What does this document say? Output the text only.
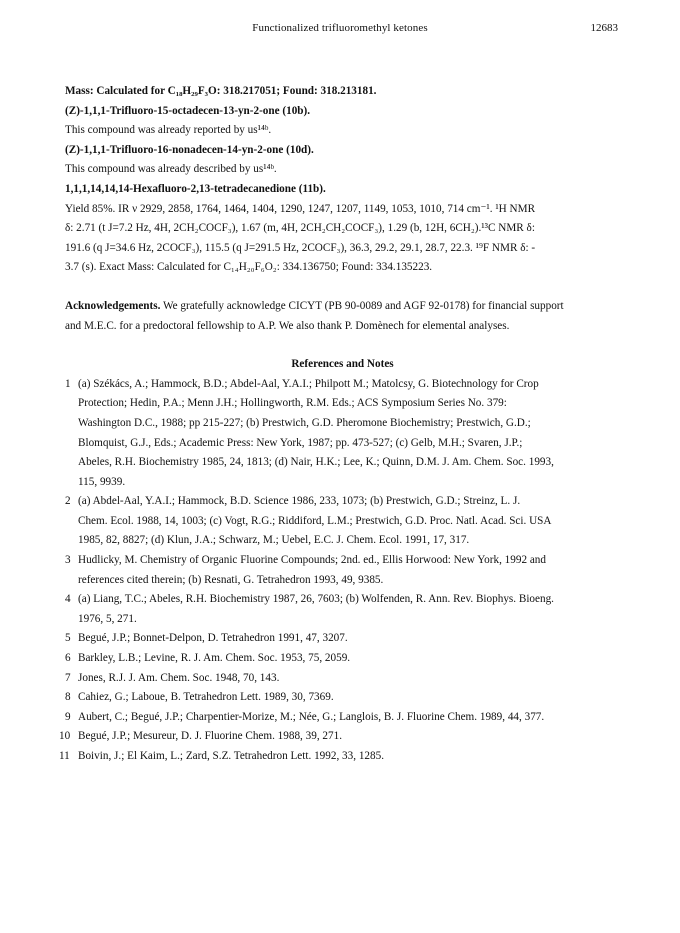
Functionalized trifluoromethyl ketones	12683
Mass: Calculated for C₁₈H₂₉F₃O: 318.217051; Found: 318.213181.
(Z)-1,1,1-Trifluoro-15-octadecen-13-yn-2-one (10b).
This compound was already reported by us¹⁴ᵇ.
(Z)-1,1,1-Trifluoro-16-nonadecen-14-yn-2-one (10d).
This compound was already described by us¹⁴ᵇ.
1,1,1,14,14,14-Hexafluoro-2,13-tetradecanedione (11b).
Yield 85%. IR ν 2929, 2858, 1764, 1464, 1404, 1290, 1247, 1207, 1149, 1053, 1010, 714 cm⁻¹. ¹H NMR
δ: 2.71 (t J=7.2 Hz, 4H, 2CH₂COCF₃), 1.67 (m, 4H, 2CH₂CH₂COCF₃), 1.29 (b, 12H, 6CH₂).¹³C NMR δ:
191.6 (q J=34.6 Hz, 2COCF₃), 115.5 (q J=291.5 Hz, 2COCF₃), 36.3, 29.2, 29.1, 28.7, 22.3. ¹⁹F NMR δ: -
3.7 (s). Exact Mass: Calculated for C₁₄H₂₀F₆O₂: 334.136750; Found: 334.135223.
Acknowledgements. We gratefully acknowledge CICYT (PB 90-0089 and AGF 92-0178) for financial support
and M.E.C. for a predoctoral fellowship to A.P. We also thank P. Domènech for elemental analyses.
References and Notes
1 (a) Székács, A.; Hammock, B.D.; Abdel-Aal, Y.A.I.; Philpott M.; Matolcsy, G. Biotechnology for Crop
Protection; Hedin, P.A.; Menn J.H.; Hollingworth, R.M. Eds.; ACS Symposium Series No. 379:
Washington D.C., 1988; pp 215-227; (b) Prestwich, G.D. Pheromone Biochemistry; Prestwich, G.D.;
Blomquist, G.J., Eds.; Academic Press: New York, 1987; pp. 473-527; (c) Gelb, M.H.; Svaren, J.P.;
Abeles, R.H. Biochemistry 1985, 24, 1813; (d) Nair, H.K.; Lee, K.; Quinn, D.M. J. Am. Chem. Soc. 1993,
115, 9939.
2 (a) Abdel-Aal, Y.A.I.; Hammock, B.D. Science 1986, 233, 1073; (b) Prestwich, G.D.; Streinz, L. J.
Chem. Ecol. 1988, 14, 1003; (c) Vogt, R.G.; Riddiford, L.M.; Prestwich, G.D. Proc. Natl. Acad. Sci. USA
1985, 82, 8827; (d) Klun, J.A.; Schwarz, M.; Uebel, E.C. J. Chem. Ecol. 1991, 17, 317.
3 Hudlicky, M. Chemistry of Organic Fluorine Compounds; 2nd. ed., Ellis Horwood: New York, 1992 and
references cited therein; (b) Resnati, G. Tetrahedron 1993, 49, 9385.
4 (a) Liang, T.C.; Abeles, R.H. Biochemistry 1987, 26, 7603; (b) Wolfenden, R. Ann. Rev. Biophys. Bioeng.
1976, 5, 271.
5 Begué, J.P.; Bonnet-Delpon, D. Tetrahedron 1991, 47, 3207.
6 Barkley, L.B.; Levine, R. J. Am. Chem. Soc. 1953, 75, 2059.
7 Jones, R.J. J. Am. Chem. Soc. 1948, 70, 143.
8 Cahiez, G.; Laboue, B. Tetrahedron Lett. 1989, 30, 7369.
9 Aubert, C.; Begué, J.P.; Charpentier-Morize, M.; Née, G.; Langlois, B. J. Fluorine Chem. 1989, 44, 377.
10 Begué, J.P.; Mesureur, D. J. Fluorine Chem. 1988, 39, 271.
11 Boivin, J.; El Kaim, L.; Zard, S.Z. Tetrahedron Lett. 1992, 33, 1285.
